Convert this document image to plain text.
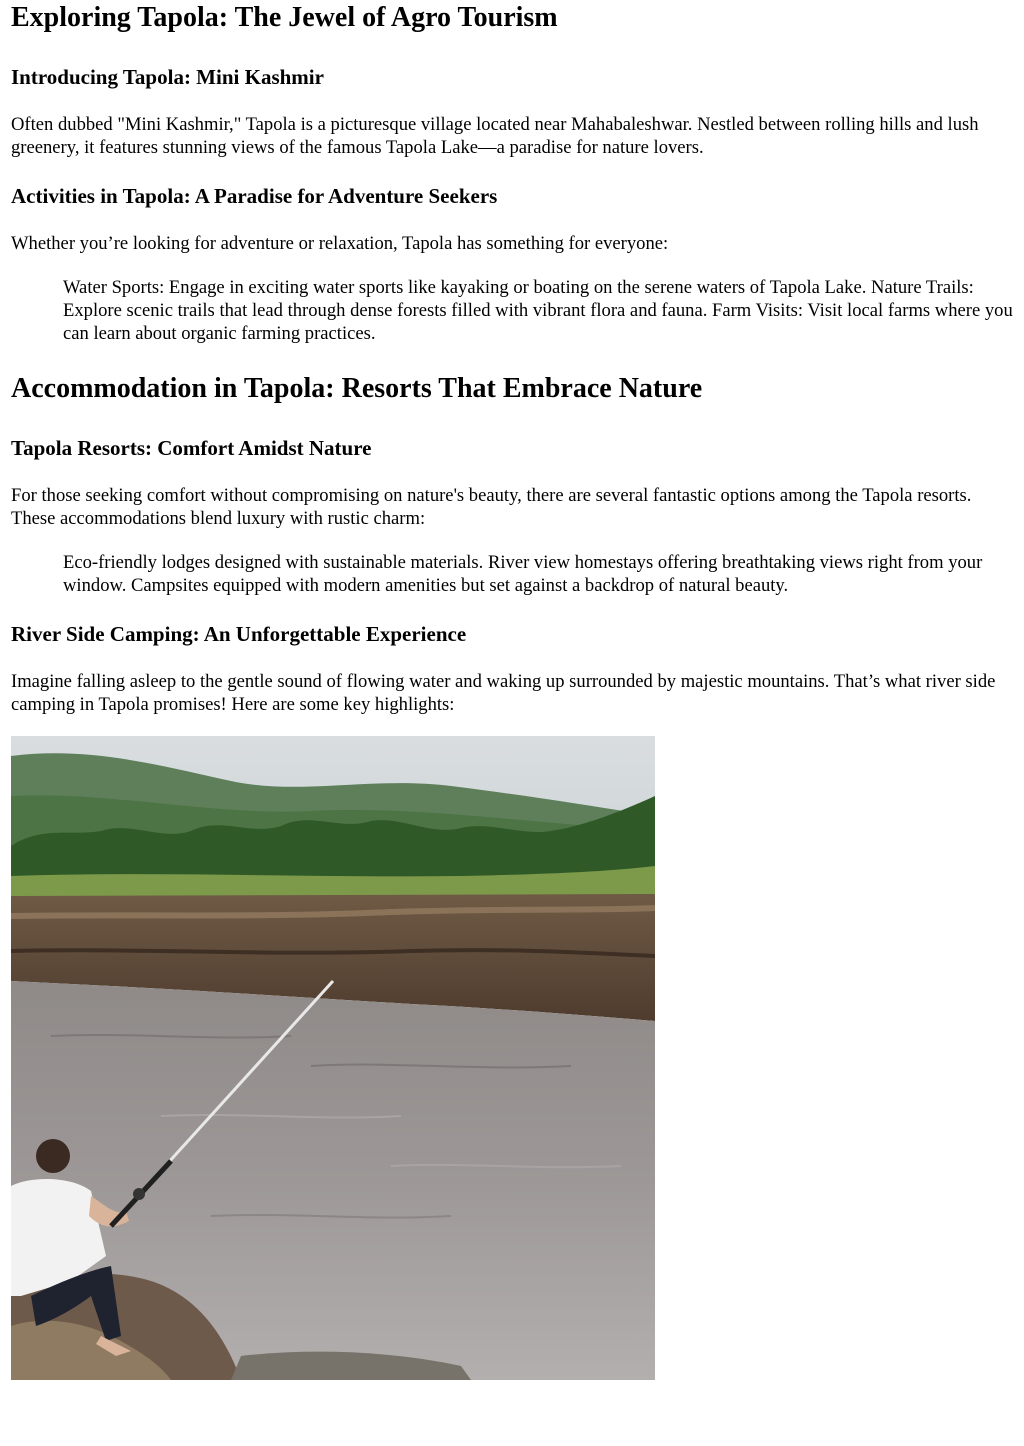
Exploring Tapola: The Jewel of Agro Tourism
Introducing Tapola: Mini Kashmir

Often dubbed "Mini Kashmir," Tapola is a picturesque village located near Mahabaleshwar. Nestled between rolling hills and lush greenery, it features stunning views of the famous Tapola Lake—a paradise for nature lovers.

Activities in Tapola: A Paradise for Adventure Seekers

Whether you’re looking for adventure or relaxation, Tapola has something for everyone:

Water Sports: Engage in exciting water sports like kayaking or boating on the serene waters of Tapola Lake. Nature Trails: Explore scenic trails that lead through dense forests filled with vibrant flora and fauna. Farm Visits: Visit local farms where you can learn about organic farming practices.
Accommodation in Tapola: Resorts That Embrace Nature
Tapola Resorts: Comfort Amidst Nature

For those seeking comfort without compromising on nature's beauty, there are several fantastic options among the Tapola resorts. These accommodations blend luxury with rustic charm:

Eco-friendly lodges designed with sustainable materials. River view homestays offering breathtaking views right from your window. Campsites equipped with modern amenities but set against a backdrop of natural beauty.
River Side Camping: An Unforgettable Experience

Imagine falling asleep to the gentle sound of flowing water and waking up surrounded by majestic mountains. That’s what river side camping in Tapola promises! Here are some key highlights:
